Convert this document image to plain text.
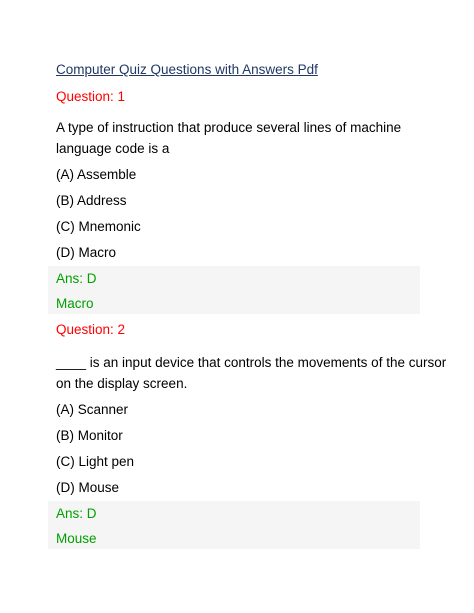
Computer Quiz Questions with Answers Pdf
Question: 1
A type of instruction that produce several lines of machine
language code is a
(A) Assemble
(B) Address
(C) Mnemonic
(D) Macro
Ans: D
Macro
Question: 2
____ is an input device that controls the movements of the cursor
on the display screen.
(A) Scanner
(B) Monitor
(C) Light pen
(D) Mouse
Ans: D
Mouse
